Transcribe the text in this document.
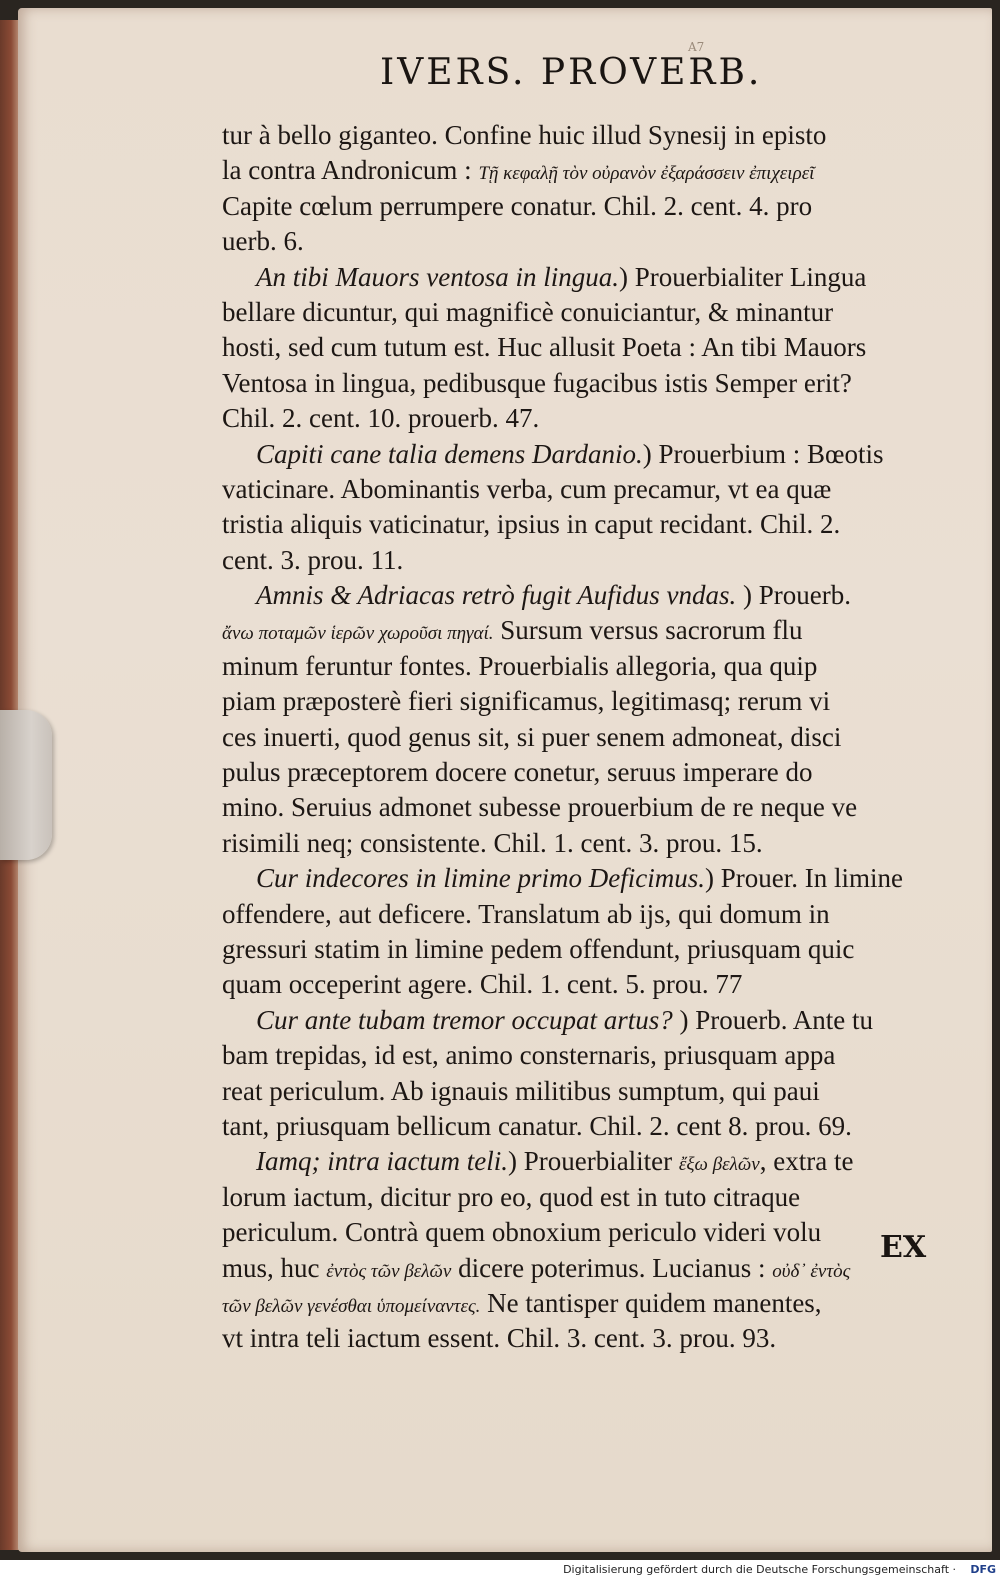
A7
IVERS. PROVERB.
tur à bello giganteo. Confine huic illud Synesij in episto
la contra Andronicum : Τῇ κεφαλῇ τὸν οὐρανὸν ἐξαράσσειν ἐπιχειρεῖ
Capite cœlum perrumpere conatur. Chil. 2. cent. 4. pro
uerb. 6.
An tibi Mauors ventosa in lingua.) Prouerbialiter Lingua
bellare dicuntur, qui magnificè conuiciantur, & minantur
hosti, sed cum tutum est. Huc allusit Poeta : An tibi Mauors
Ventosa in lingua, pedibusque fugacibus istis Semper erit?
Chil. 2. cent. 10. prouerb. 47.
Capiti cane talia demens Dardanio.) Prouerbium : Bœotis
vaticinare. Abominantis verba, cum precamur, vt ea quæ
tristia aliquis vaticinatur, ipsius in caput recidant. Chil. 2.
cent. 3. prou. 11.
Amnis & Adriacas retrò fugit Aufidus vndas. ) Prouerb.
ἄνω ποταμῶν ἱερῶν χωροῦσι πηγαί. Sursum versus sacrorum flu
minum feruntur fontes. Prouerbialis allegoria, qua quip
piam præposterè fieri significamus, legitimasq; rerum vi
ces inuerti, quod genus sit, si puer senem admoneat, disci
pulus præceptorem docere conetur, seruus imperare do
mino. Seruius admonet subesse prouerbium de re neque ve
risimili neq; consistente. Chil. 1. cent. 3. prou. 15.
Cur indecores in limine primo Deficimus.) Prouer. In limine
offendere, aut deficere. Translatum ab ijs, qui domum in
gressuri statim in limine pedem offendunt, priusquam quic
quam occeperint agere. Chil. 1. cent. 5. prou. 77
Cur ante tubam tremor occupat artus? ) Prouerb. Ante tu
bam trepidas, id est, animo consternaris, priusquam appa
reat periculum. Ab ignauis militibus sumptum, qui paui
tant, priusquam bellicum canatur. Chil. 2. cent 8. prou. 69.
Iamq; intra iactum teli.) Prouerbialiter ἔξω βελῶν, extra te
lorum iactum, dicitur pro eo, quod est in tuto citraque
periculum. Contrà quem obnoxium periculo videri volu
mus, huc ἐντὸς τῶν βελῶν dicere poterimus. Lucianus : οὐδ᾽ ἐντὸς
τῶν βελῶν γενέσθαι ὑπομείναντες. Ne tantisper quidem manentes,
vt intra teli iactum essent. Chil. 3. cent. 3. prou. 93.
EX
Digitalisierung gefördert durch die Deutsche Forschungsgemeinschaft · DFG
